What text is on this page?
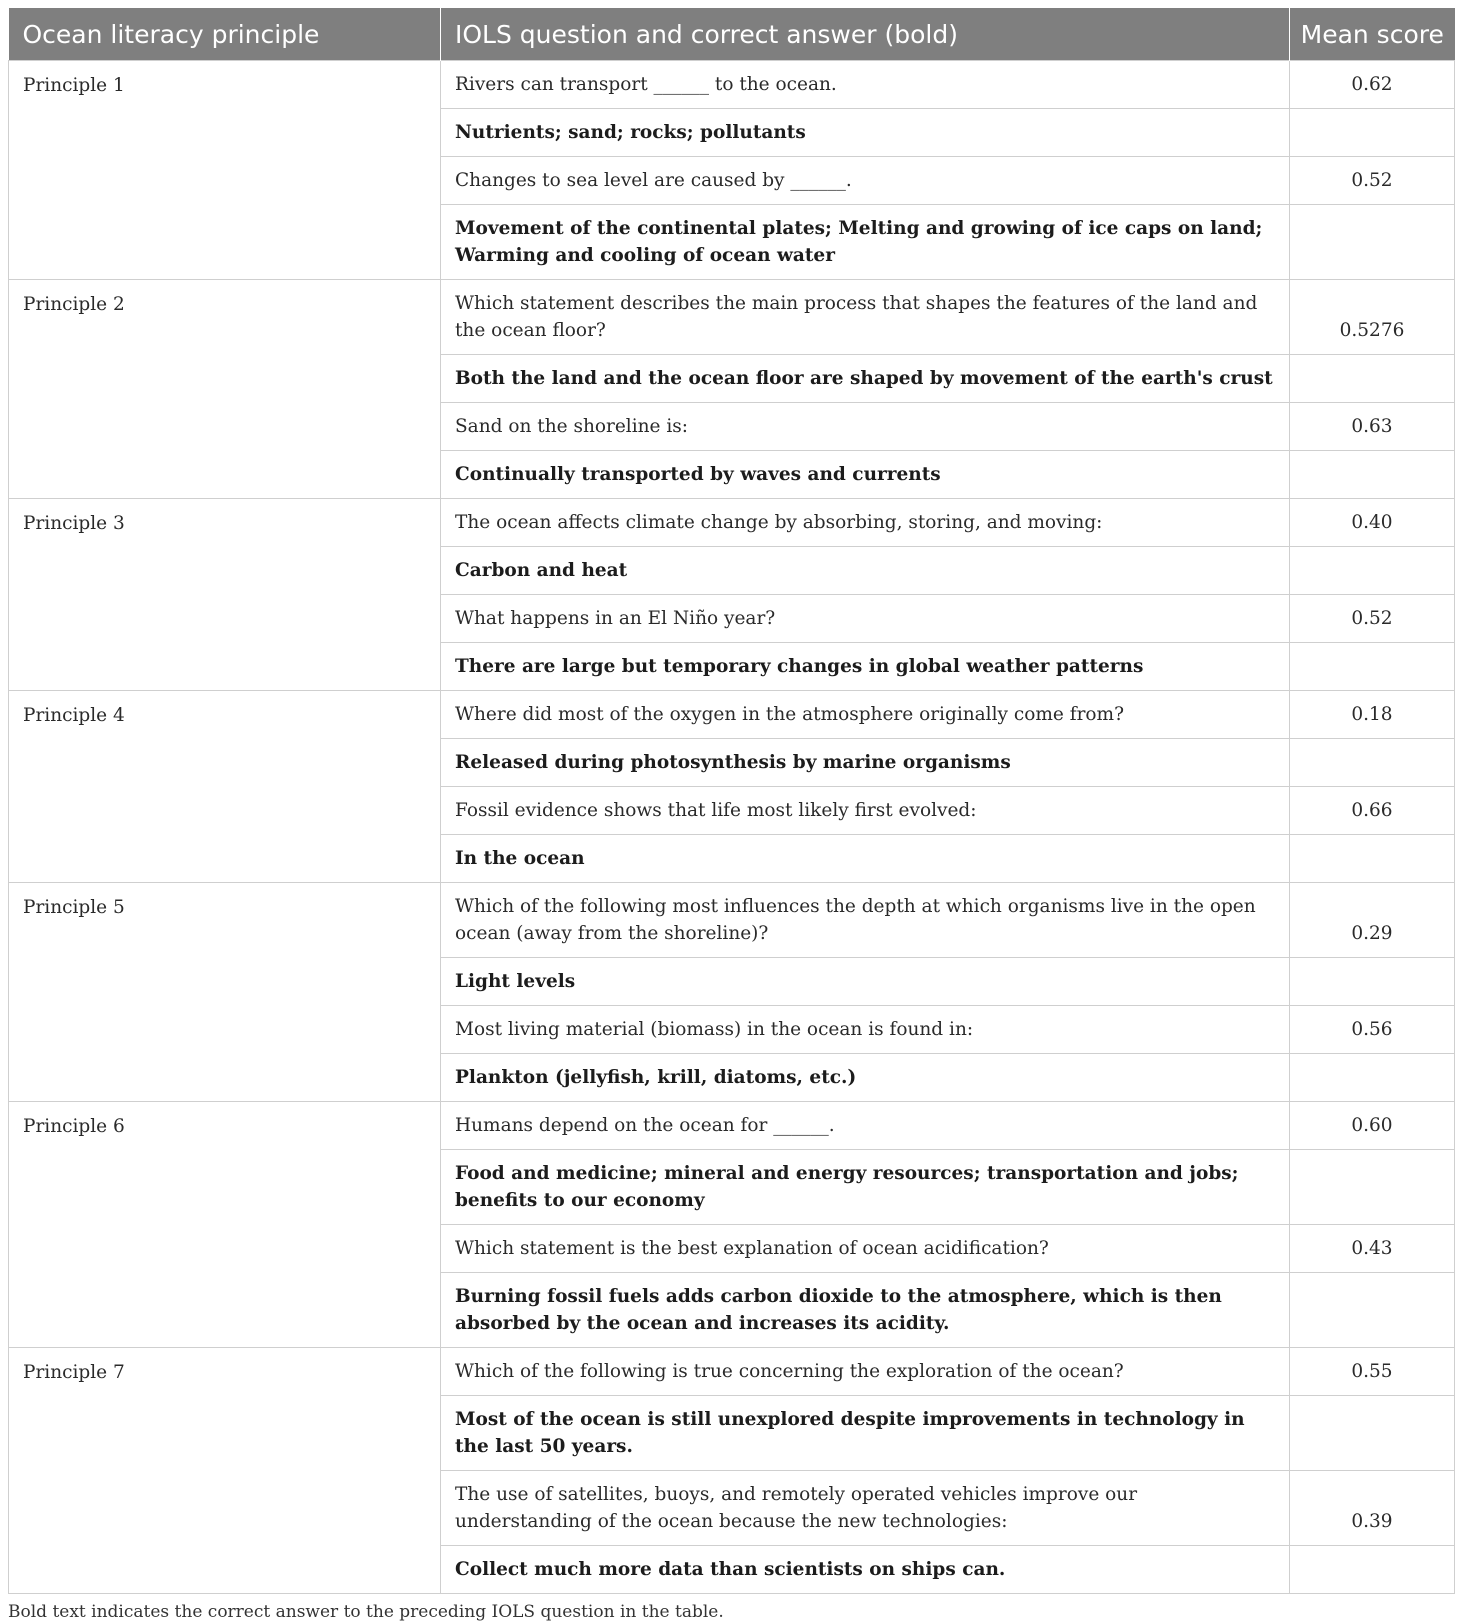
Ocean literacy principle	IOLS question and correct answer (bold)	Mean score
Principle 1	Rivers can transport ______ to the ocean.	0.62
	Nutrients; sand; rocks; pollutants	
	Changes to sea level are caused by ______.	0.52
	Movement of the continental plates; Melting and growing of ice caps on land; Warming and cooling of ocean water	
Principle 2	Which statement describes the main process that shapes the features of the land and the ocean floor?	0.5276
	Both the land and the ocean floor are shaped by movement of the earth's crust	
	Sand on the shoreline is:	0.63
	Continually transported by waves and currents	
Principle 3	The ocean affects climate change by absorbing, storing, and moving:	0.40
	Carbon and heat	
	What happens in an El Niño year?	0.52
	There are large but temporary changes in global weather patterns	
Principle 4	Where did most of the oxygen in the atmosphere originally come from?	0.18
	Released during photosynthesis by marine organisms	
	Fossil evidence shows that life most likely first evolved:	0.66
	In the ocean	
Principle 5	Which of the following most influences the depth at which organisms live in the open ocean (away from the shoreline)?	0.29
	Light levels	
	Most living material (biomass) in the ocean is found in:	0.56
	Plankton (jellyfish, krill, diatoms, etc.)	
Principle 6	Humans depend on the ocean for ______.	0.60
	Food and medicine; mineral and energy resources; transportation and jobs; benefits to our economy	
	Which statement is the best explanation of ocean acidification?	0.43
	Burning fossil fuels adds carbon dioxide to the atmosphere, which is then absorbed by the ocean and increases its acidity.	
Principle 7	Which of the following is true concerning the exploration of the ocean?	0.55
	Most of the ocean is still unexplored despite improvements in technology in the last 50 years.	
	The use of satellites, buoys, and remotely operated vehicles improve our understanding of the ocean because the new technologies:	0.39
	Collect much more data than scientists on ships can.	
Bold text indicates the correct answer to the preceding IOLS question in the table.
